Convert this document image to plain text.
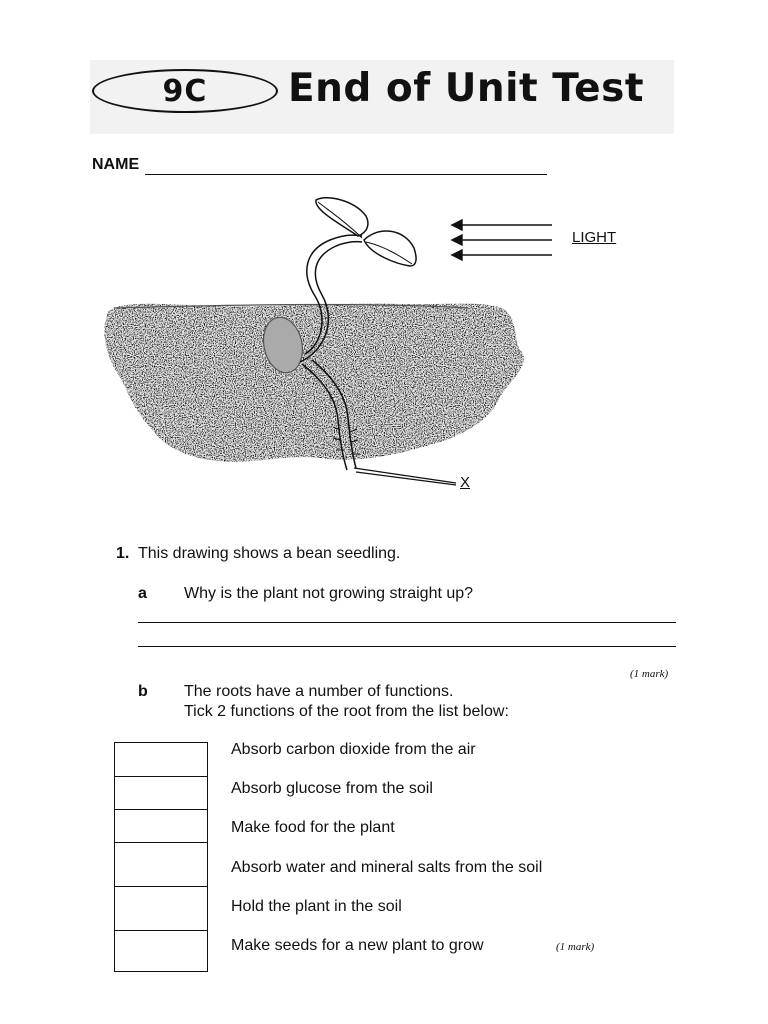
9C End of Unit Test
NAME
LIGHT
X
1. This drawing shows a bean seedling.
a Why is the plant not growing straight up?
(1 mark)
b The roots have a number of functions.
Tick 2 functions of the root from the list below:
Absorb carbon dioxide from the air
Absorb glucose from the soil
Make food for the plant
Absorb water and mineral salts from the soil
Hold the plant in the soil
Make seeds for a new plant to grow	(1 mark)
